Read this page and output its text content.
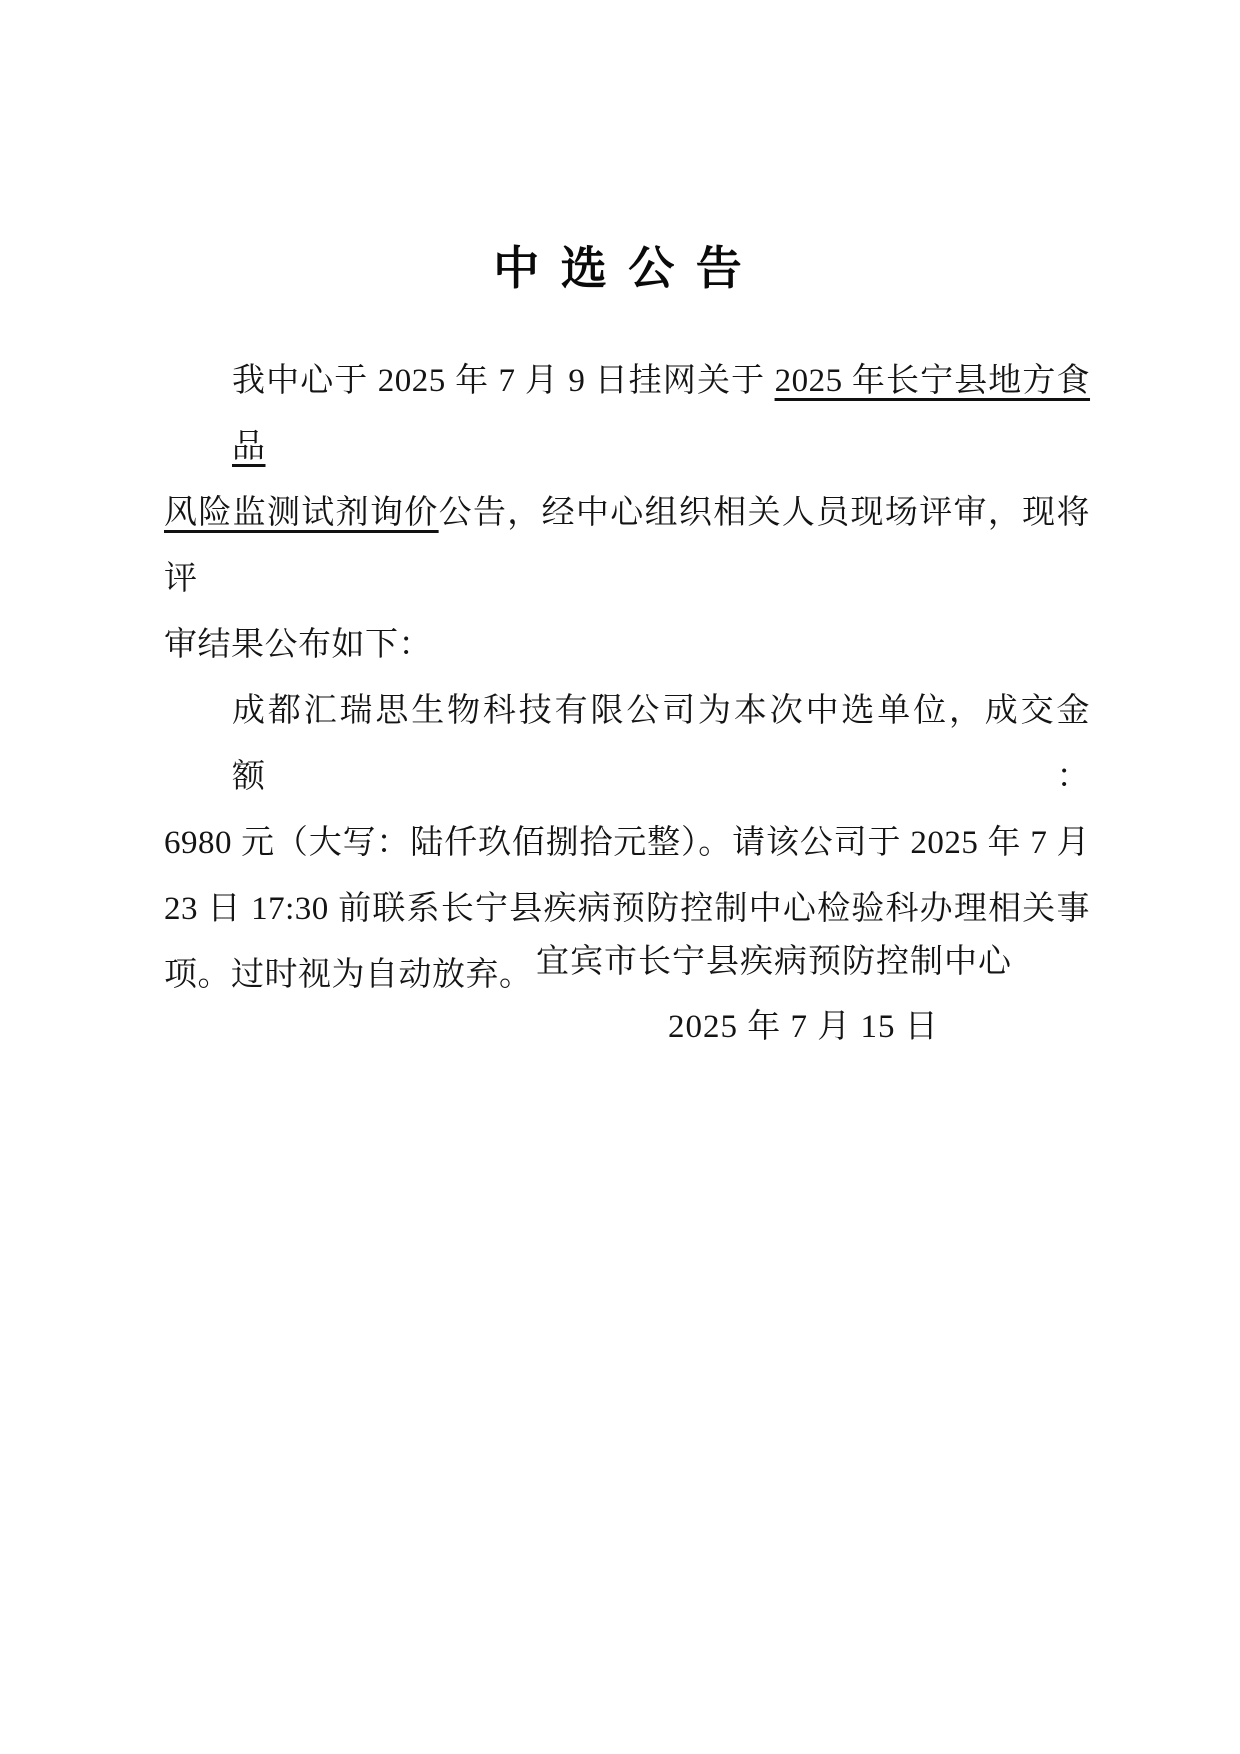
中 选 公 告
我中心于 2025 年 7 月 9 日挂网关于 2025 年长宁县地方食品
风险监测试剂询价公告，经中心组织相关人员现场评审，现将评
审结果公布如下：
成都汇瑞思生物科技有限公司为本次中选单位，成交金额：
6980 元（大写：陆仟玖佰捌拾元整）。请该公司于 2025 年 7 月
23 日 17:30 前联系长宁县疾病预防控制中心检验科办理相关事
项。过时视为自动放弃。 宜宾市长宁县疾病预防控制中心
2025 年 7 月 15 日
